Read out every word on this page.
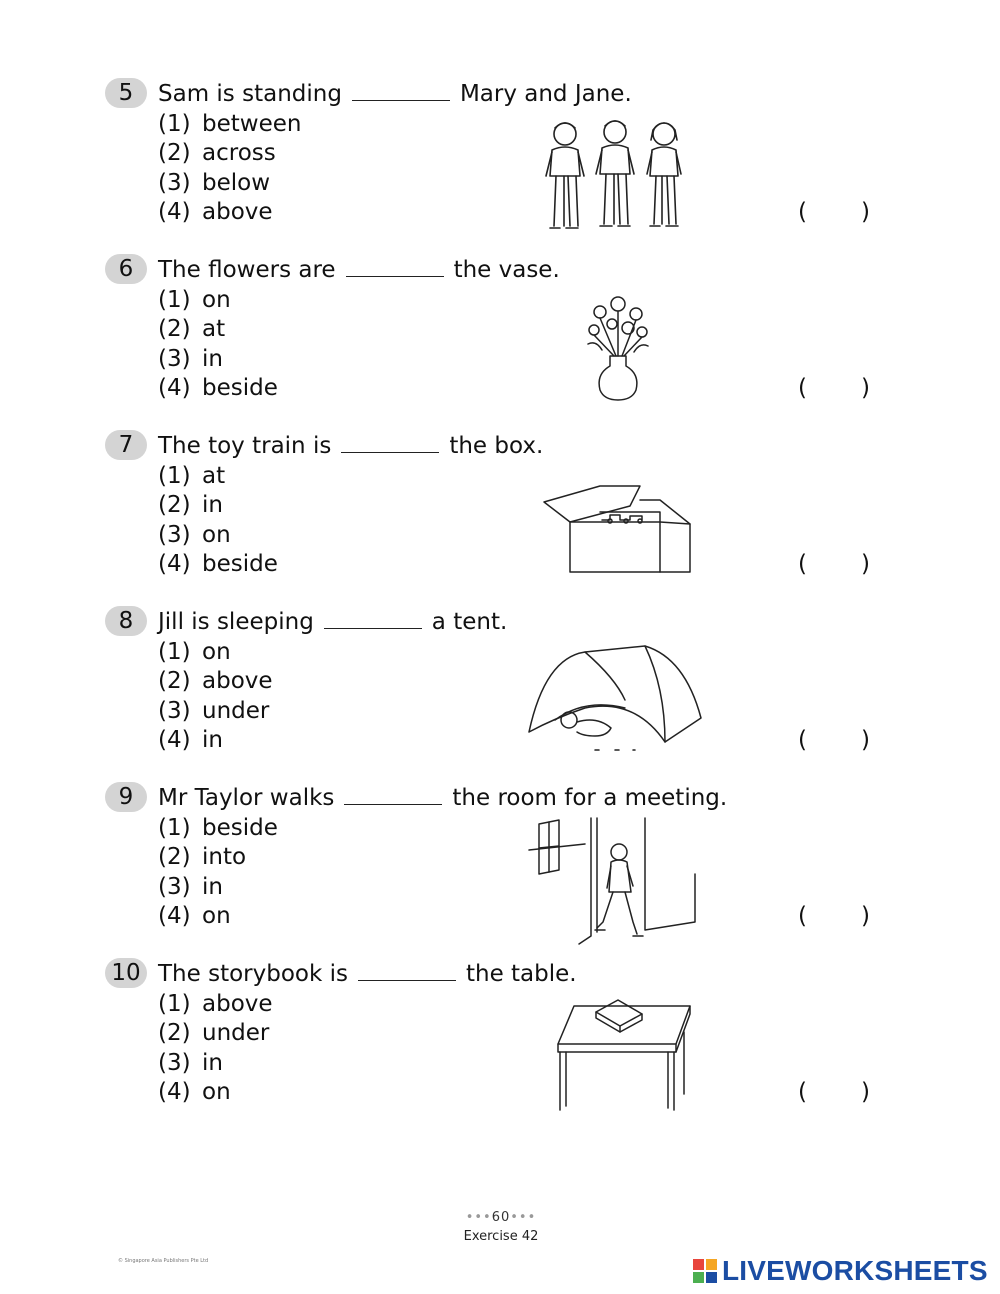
5	Sam is standing	Mary and Jane.
(1) between
(2) across
(3) below
(4) above	( )
6	The flowers are	the vase.
(1) on
(2) at
(3) in
(4) beside	( )
7	The toy train is	the box.
(1) at
(2) in
(3) on
(4) beside	( )
8	Jill is sleeping	a tent.
(1) on
(2) above
(3) under
(4) in	( )
9	Mr Taylor walks	the room for a meeting.
(1) beside
(2) into
(3) in
(4) on	( )
10 The storybook is	the table.
(1) above
(2) under
(3) in
(4) on	( )
•••60•••
Exercise 42
© Singapore Asia Publishers Pte Ltd	LIVEWORKSHEETS
